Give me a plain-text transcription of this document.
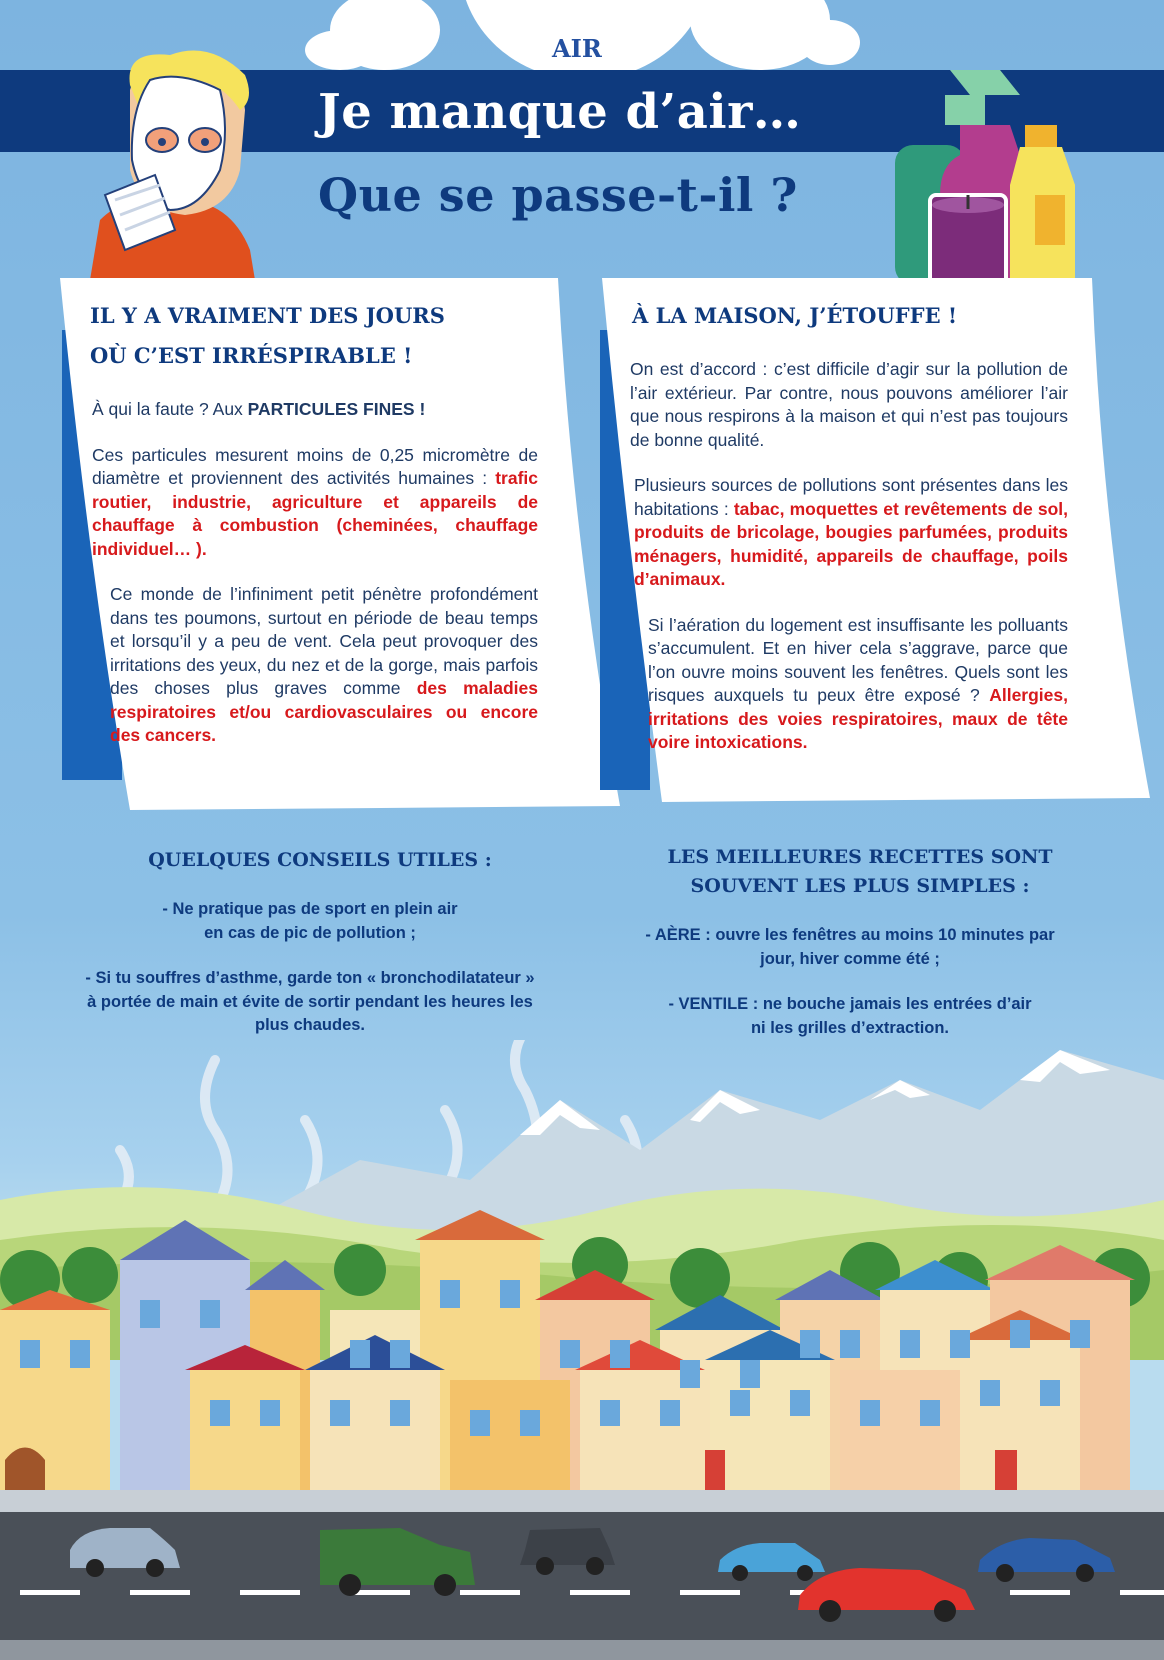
AIR
Je manque d’air…
Que se passe-t-il ?
IL Y A VRAIMENT DES JOURS
OÙ C’EST IRRÉSPIRABLE !

À qui la faute ? Aux PARTICULES FINES !

Ces particules mesurent moins de 0,25 micromètre de diamètre et proviennent des activités humaines : trafic routier, industrie, agriculture et appareils de chauffage à combustion (cheminées, chauffage individuel… ).

Ce monde de l’infiniment petit pénètre profondément dans tes poumons, surtout en période de beau temps et lorsqu’il y a peu de vent. Cela peut provoquer des irritations des yeux, du nez et de la gorge, mais parfois des choses plus graves comme des maladies respiratoires et/ou cardiovasculaires ou encore des cancers.

À LA MAISON, J’ÉTOUFFE !

On est d’accord : c’est difficile d’agir sur la pollution de l’air extérieur. Par contre, nous pouvons améliorer l’air que nous respirons à la maison et qui n’est pas toujours de bonne qualité.

Plusieurs sources de pollutions sont présentes dans les habitations : tabac, moquettes et revêtements de sol, produits de bricolage, bougies parfumées, produits ménagers, humidité, appareils de chauffage, poils d’animaux.

Si l’aération du logement est insuffisante les polluants s’accumulent. Et en hiver cela s’aggrave, parce que l’on ouvre moins souvent les fenêtres. Quels sont les risques auxquels tu peux être exposé ? Allergies, irritations des voies respiratoires, maux de tête voire intoxications.

QUELQUES CONSEILS UTILES :

- Ne pratique pas de sport en plein air en cas de pic de pollution ;

- Si tu souffres d’asthme, garde ton « bronchodilatateur » à portée de main et évite de sortir pendant les heures les plus chaudes.

LES MEILLEURES RECETTES SONT
SOUVENT LES PLUS SIMPLES :

- AÈRE : ouvre les fenêtres au moins 10 minutes par jour, hiver comme été ;

- VENTILE : ne bouche jamais les entrées d’air ni les grilles d’extraction.
